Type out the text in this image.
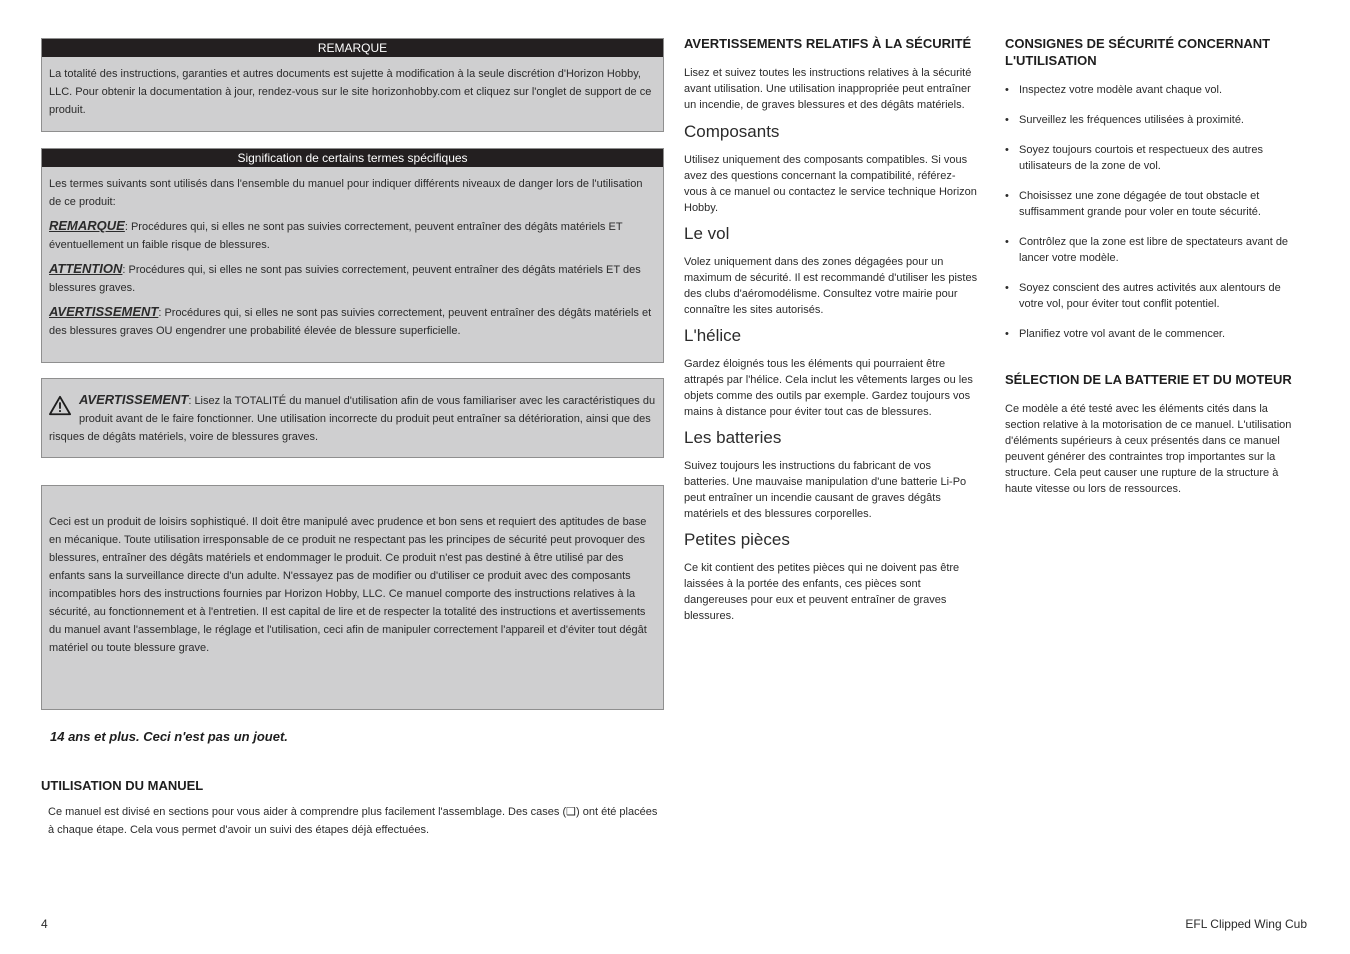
REMARQUE

La totalité des instructions, garanties et autres documents est sujette à modification à la seule discrétion d'Horizon Hobby, LLC. Pour obtenir la documentation à jour, rendez-vous sur le site horizonhobby.com et cliquez sur l'onglet de support de ce produit.

Signification de certains termes spécifiques

Les termes suivants sont utilisés dans l'ensemble du manuel pour indiquer différents niveaux de danger lors de l'utilisation de ce produit:

REMARQUE: Procédures qui, si elles ne sont pas suivies correctement, peuvent entraîner des dégâts matériels ET éventuellement un faible risque de blessures.

ATTENTION: Procédures qui, si elles ne sont pas suivies correctement, peuvent entraîner des dégâts matériels ET des blessures graves.

AVERTISSEMENT: Procédures qui, si elles ne sont pas suivies correctement, peuvent entraîner des dégâts matériels et des blessures graves OU engendrer une probabilité élevée de blessure superficielle.

AVERTISSEMENT: Lisez la TOTALITÉ du manuel d'utilisation afin de vous familiariser avec les caractéristiques du produit avant de le faire fonctionner. Une utilisation incorrecte du produit peut entraîner sa détérioration, ainsi que des risques de dégâts matériels, voire de blessures graves.

Ceci est un produit de loisirs sophistiqué. Il doit être manipulé avec prudence et bon sens et requiert des aptitudes de base en mécanique. Toute utilisation irresponsable de ce produit ne respectant pas les principes de sécurité peut provoquer des blessures, entraîner des dégâts matériels et endommager le produit. Ce produit n'est pas destiné à être utilisé par des enfants sans la surveillance directe d'un adulte. N'essayez pas de modifier ou d'utiliser ce produit avec des composants incompatibles hors des instructions fournies par Horizon Hobby, LLC. Ce manuel comporte des instructions relatives à la sécurité, au fonctionnement et à l'entretien. Il est capital de lire et de respecter la totalité des instructions et avertissements du manuel avant l'assemblage, le réglage et l'utilisation, ceci afin de manipuler correctement l'appareil et d'éviter tout dégât matériel ou toute blessure grave.

14 ans et plus. Ceci n'est pas un jouet.
UTILISATION DU MANUEL

Ce manuel est divisé en sections pour vous aider à comprendre plus facilement l'assemblage. Des cases (❑) ont été placées à chaque étape. Cela vous permet d'avoir un suivi des étapes déjà effectuées.

AVERTISSEMENTS RELATIFS À LA SÉCURITÉ

Lisez et suivez toutes les instructions relatives à la sécurité avant utilisation. Une utilisation inappropriée peut entraîner un incendie, de graves blessures et des dégâts matériels.

Composants

Utilisez uniquement des composants compatibles. Si vous avez des questions concernant la compatibilité, référez-vous à ce manuel ou contactez le service technique Horizon Hobby.

Le vol

Volez uniquement dans des zones dégagées pour un maximum de sécurité. Il est recommandé d'utiliser les pistes des clubs d'aéromodélisme. Consultez votre mairie pour connaître les sites autorisés.

L'hélice

Gardez éloignés tous les éléments qui pourraient être attrapés par l'hélice. Cela inclut les vêtements larges ou les objets comme des outils par exemple. Gardez toujours vos mains à distance pour éviter tout cas de blessures.

Les batteries

Suivez toujours les instructions du fabricant de vos batteries. Une mauvaise manipulation d'une batterie Li-Po peut entraîner un incendie causant de graves dégâts matériels et des blessures corporelles.

Petites pièces

Ce kit contient des petites pièces qui ne doivent pas être laissées à la portée des enfants, ces pièces sont dangereuses pour eux et peuvent entraîner de graves blessures.

CONSIGNES DE SÉCURITÉ CONCERNANT L'UTILISATION
• Inspectez votre modèle avant chaque vol.
• Surveillez les fréquences utilisées à proximité.
• Soyez toujours courtois et respectueux des autres utilisateurs de la zone de vol.
• Choisissez une zone dégagée de tout obstacle et suffisamment grande pour voler en toute sécurité.
• Contrôlez que la zone est libre de spectateurs avant de lancer votre modèle.
• Soyez conscient des autres activités aux alentours de votre vol, pour éviter tout conflit potentiel.
• Planifiez votre vol avant de le commencer.
SÉLECTION DE LA BATTERIE ET DU MOTEUR

Ce modèle a été testé avec les éléments cités dans la section relative à la motorisation de ce manuel. L'utilisation d'éléments supérieurs à ceux présentés dans ce manuel peuvent générer des contraintes trop importantes sur la structure. Cela peut causer une rupture de la structure à haute vitesse ou lors de ressources.

4	EFL Clipped Wing Cub
